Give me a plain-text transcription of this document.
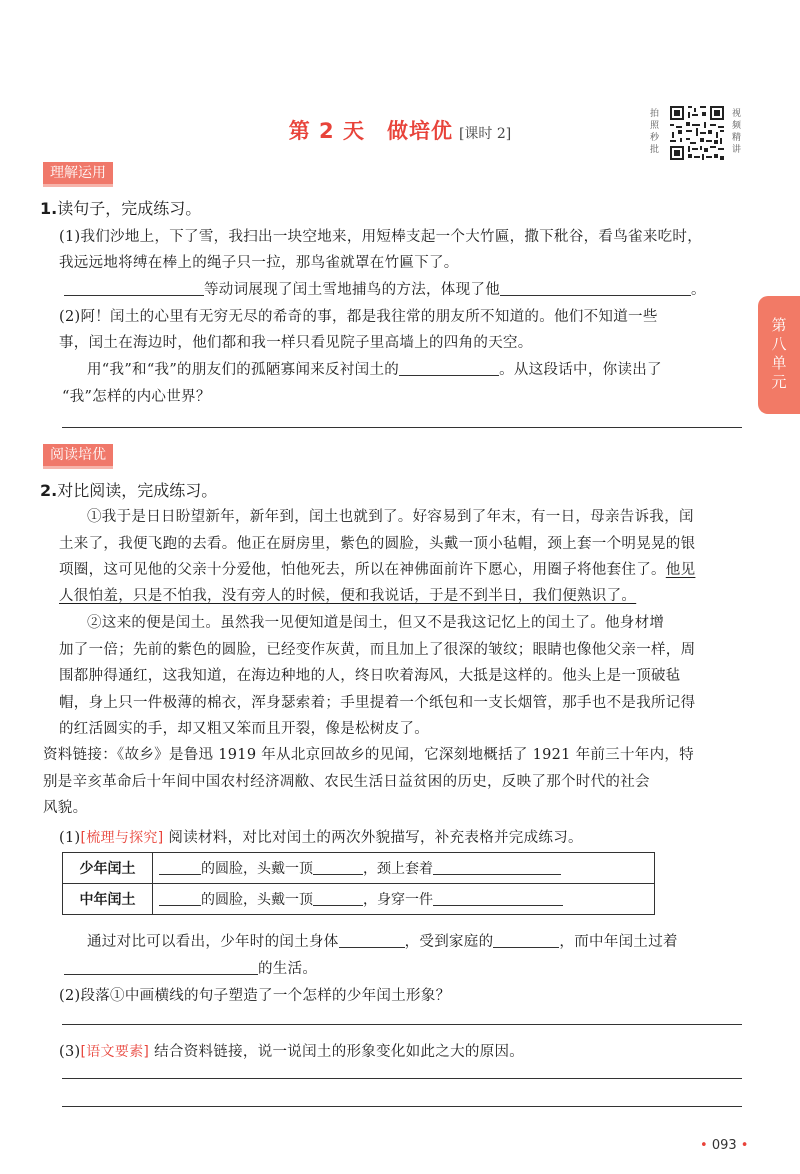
第 2 天 做培优 [课时 2]
拍
照
秒
批
视
频
精
讲
第
八
单
元
理解运用
1.读句子，完成练习。
(1)我们沙地上，下了雪，我扫出一块空地来，用短棒支起一个大竹匾，撒下秕谷，看鸟雀来吃时，
我远远地将缚在棒上的绳子只一拉，那鸟雀就罩在竹匾下了。
等动词展现了闰土雪地捕鸟的方法，体现了他	。
(2)阿！闰土的心里有无穷无尽的希奇的事，都是我往常的朋友所不知道的。他们不知道一些
事，闰土在海边时，他们都和我一样只看见院子里高墙上的四角的天空。
用“我”和“我”的朋友们的孤陋寡闻来反衬闰土的	。从这段话中，你读出了
“我”怎样的内心世界？
阅读培优
2.对比阅读，完成练习。
①我于是日日盼望新年，新年到，闰土也就到了。好容易到了年末，有一日，母亲告诉我，闰
土来了，我便飞跑的去看。他正在厨房里，紫色的圆脸，头戴一顶小毡帽，颈上套一个明晃晃的银
项圈，这可见他的父亲十分爱他，怕他死去，所以在神佛面前许下愿心，用圈子将他套住了。他见
人很怕羞，只是不怕我，没有旁人的时候，便和我说话，于是不到半日，我们便熟识了。
②这来的便是闰土。虽然我一见便知道是闰土，但又不是我这记忆上的闰土了。他身材增
加了一倍；先前的紫色的圆脸，已经变作灰黄，而且加上了很深的皱纹；眼睛也像他父亲一样，周
围都肿得通红，这我知道，在海边种地的人，终日吹着海风，大抵是这样的。他头上是一顶破毡
帽，身上只一件极薄的棉衣，浑身瑟索着；手里提着一个纸包和一支长烟管，那手也不是我所记得
的红活圆实的手，却又粗又笨而且开裂，像是松树皮了。
资料链接：《故乡》是鲁迅 1919 年从北京回故乡的见闻，它深刻地概括了 1921 年前三十年内，特
别是辛亥革命后十年间中国农村经济凋敝、农民生活日益贫困的历史，反映了那个时代的社会
风貌。
(1)[梳理与探究] 阅读材料，对比对闰土的两次外貌描写，补充表格并完成练习。
少年闰土	的圆脸，头戴一顶 ，颈上套着
中年闰土	的圆脸，头戴一顶 ，身穿一件
通过对比可以看出，少年时的闰土身体	，受到家庭的	，而中年闰土过着
的生活。
(2)段落①中画横线的句子塑造了一个怎样的少年闰土形象？
(3)[语文要素] 结合资料链接，说一说闰土的形象变化如此之大的原因。
• 093 •
